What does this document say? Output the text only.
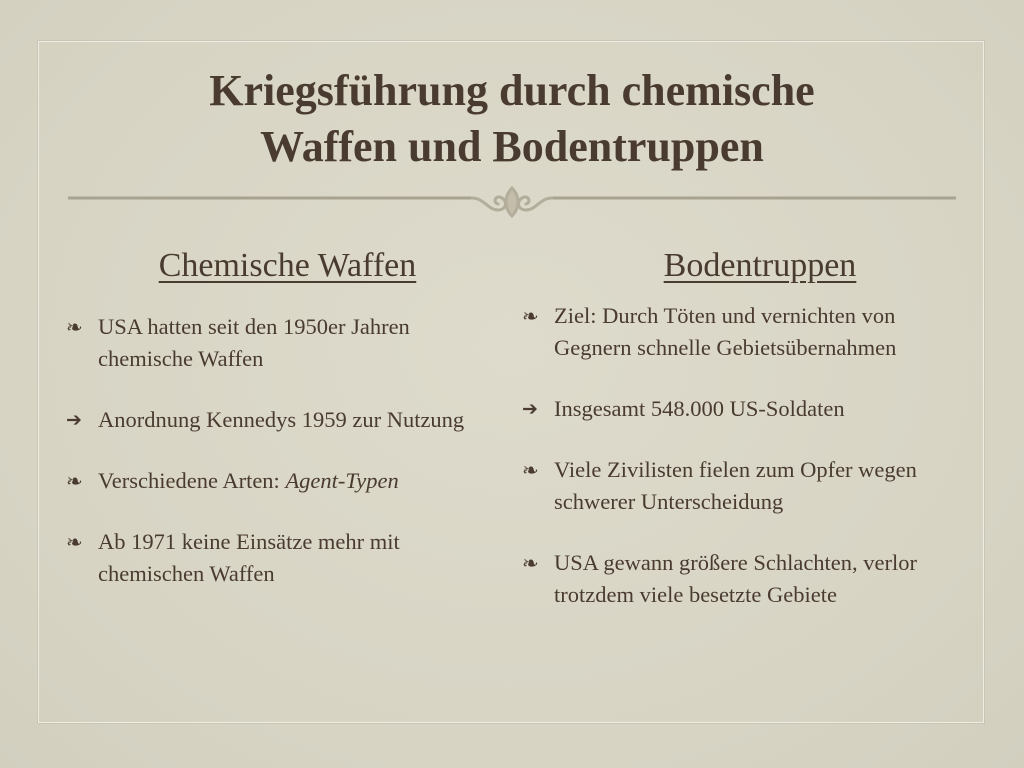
Kriegsführung durch chemische
Waffen und Bodentruppen
Chemische Waffen	Bodentruppen
❧ USA hatten seit den 1950er Jahren chemische Waffen
➔ Anordnung Kennedys 1959 zur Nutzung
❧ Verschiedene Arten: Agent-Typen
❧ Ab 1971 keine Einsätze mehr mit chemischen Waffen
❧ Ziel: Durch Töten und vernichten von Gegnern schnelle Gebietsübernahmen
➔ Insgesamt 548.000 US-Soldaten
❧ Viele Zivilisten fielen zum Opfer wegen schwerer Unterscheidung
❧ USA gewann größere Schlachten, verlor trotzdem viele besetzte Gebiete
